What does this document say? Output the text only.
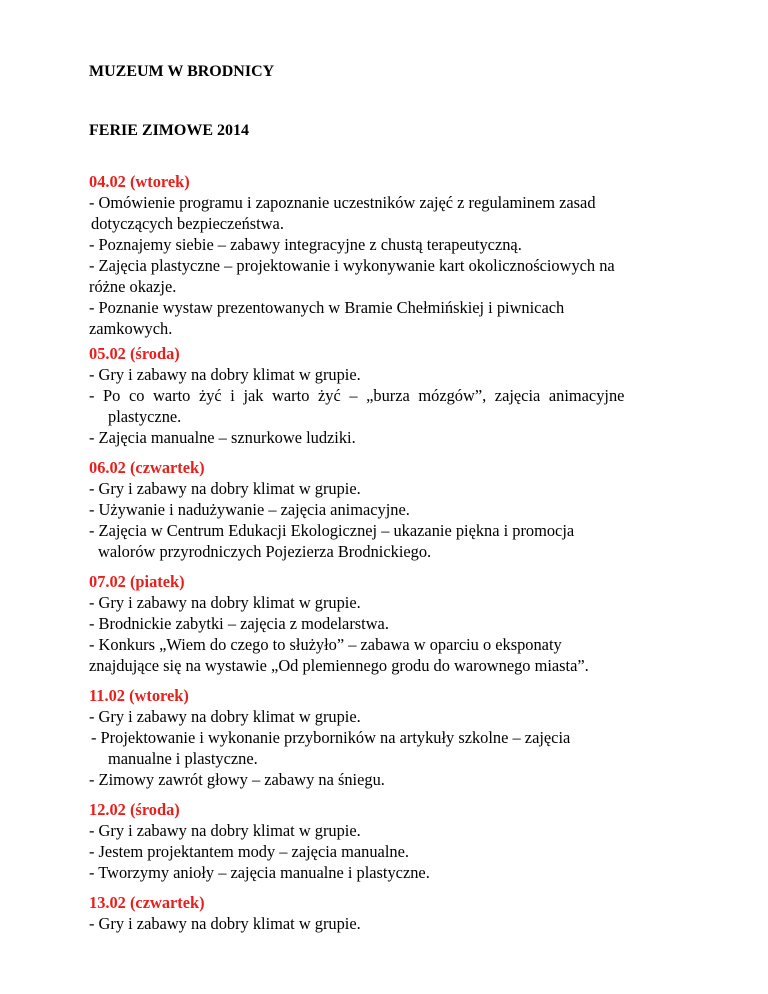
MUZEUM W BRODNICY

FERIE ZIMOWE 2014

04.02 (wtorek)

- Omówienie programu i zapoznanie uczestników zajęć z regulaminem zasad

dotyczących bezpieczeństwa.

- Poznajemy siebie – zabawy integracyjne z chustą terapeutyczną.

- Zajęcia plastyczne – projektowanie i wykonywanie kart okolicznościowych na

różne okazje.

- Poznanie wystaw prezentowanych w Bramie Chełmińskiej i piwnicach

zamkowych.

05.02 (środa)

- Gry i zabawy na dobry klimat w grupie.

- Po co warto żyć i jak warto żyć – „burza mózgów”, zajęcia animacyjne

plastyczne.

- Zajęcia manualne – sznurkowe ludziki.

06.02 (czwartek)

- Gry i zabawy na dobry klimat w grupie.

- Używanie i nadużywanie – zajęcia animacyjne.

- Zajęcia w Centrum Edukacji Ekologicznej – ukazanie piękna i promocja

walorów przyrodniczych Pojezierza Brodnickiego.

07.02 (piatek)

- Gry i zabawy na dobry klimat w grupie.

- Brodnickie zabytki – zajęcia z modelarstwa.

- Konkurs „Wiem do czego to służyło” – zabawa w oparciu o eksponaty

znajdujące się na wystawie „Od plemiennego grodu do warownego miasta”.

11.02 (wtorek)

- Gry i zabawy na dobry klimat w grupie.

- Projektowanie i wykonanie przyborników na artykuły szkolne – zajęcia

manualne i plastyczne.

- Zimowy zawrót głowy – zabawy na śniegu.

12.02 (środa)

- Gry i zabawy na dobry klimat w grupie.

- Jestem projektantem mody – zajęcia manualne.

- Tworzymy anioły – zajęcia manualne i plastyczne.

13.02 (czwartek)

- Gry i zabawy na dobry klimat w grupie.
